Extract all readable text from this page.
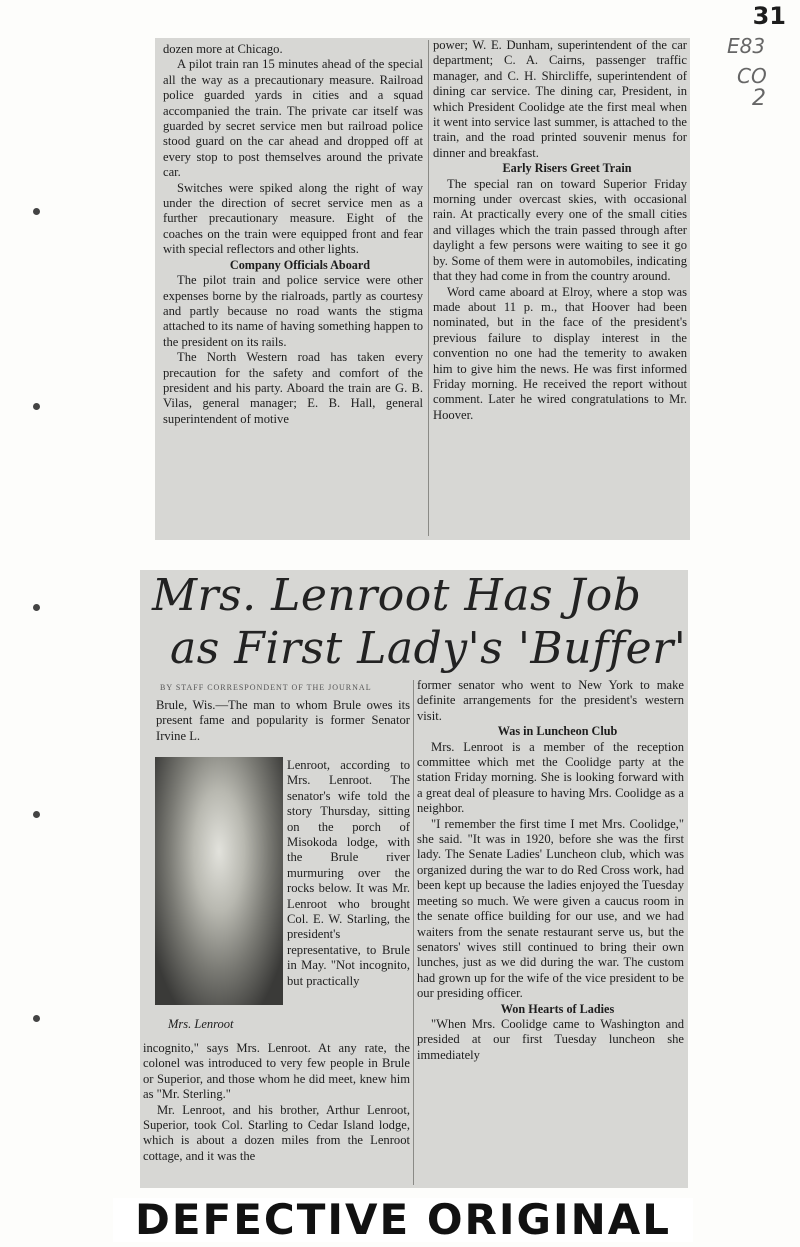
31
E83
CO
2

dozen more at Chicago.

A pilot train ran 15 minutes ahead of the special all the way as a precautionary measure. Railroad police guarded yards in cities and a squad accompanied the train. The private car itself was guarded by secret service men but railroad police stood guard on the car ahead and dropped off at every stop to post themselves around the private car.

Switches were spiked along the right of way under the direction of secret service men as a further precautionary measure. Eight of the coaches on the train were equipped front and fear with special reflectors and other lights.

Company Officials Aboard

The pilot train and police service were other expenses borne by the rialroads, partly as courtesy and partly because no road wants the stigma attached to its name of having something happen to the president on its rails.

The North Western road has taken every precaution for the safety and comfort of the president and his party. Aboard the train are G. B. Vilas, general manager; E. B. Hall, general superintendent of motive

power; W. E. Dunham, superintendent of the car department; C. A. Cairns, passenger traffic manager, and C. H. Shircliffe, superintendent of dining car service. The dining car, President, in which President Coolidge ate the first meal when it went into service last summer, is attached to the train, and the road printed souvenir menus for dinner and breakfast.

Early Risers Greet Train

The special ran on toward Superior Friday morning under overcast skies, with occasional rain. At practically every one of the small cities and villages which the train passed through after daylight a few persons were waiting to see it go by. Some of them were in automobiles, indicating that they had come in from the country around.

Word came aboard at Elroy, where a stop was made about 11 p. m., that Hoover had been nominated, but in the face of the president's previous failure to display interest in the convention no one had the temerity to awaken him to give him the news. He was first informed Friday morning. He received the report without comment. Later he wired congratulations to Mr. Hoover.

Mrs. Lenroot Has Job
as First Lady's 'Buffer'
BY STAFF CORRESPONDENT OF THE JOURNAL

Brule, Wis.—The man to whom Brule owes its present fame and popularity is former Senator Irvine L.

Mrs. Lenroot

Lenroot, according to Mrs. Lenroot. The senator's wife told the story Thursday, sitting on the porch of Misokoda lodge, with the Brule river murmuring over the rocks below. It was Mr. Lenroot who brought Col. E. W. Starling, the president's representative, to Brule in May. "Not incognito, but practically

incognito," says Mrs. Lenroot. At any rate, the colonel was introduced to very few people in Brule or Superior, and those whom he did meet, knew him as "Mr. Sterling."

Mr. Lenroot, and his brother, Arthur Lenroot, Superior, took Col. Starling to Cedar Island lodge, which is about a dozen miles from the Lenroot cottage, and it was the

former senator who went to New York to make definite arrangements for the president's western visit.

Was in Luncheon Club

Mrs. Lenroot is a member of the reception committee which met the Coolidge party at the station Friday morning. She is looking forward with a great deal of pleasure to having Mrs. Coolidge as a neighbor.

"I remember the first time I met Mrs. Coolidge," she said. "It was in 1920, before she was the first lady. The Senate Ladies' Luncheon club, which was organized during the war to do Red Cross work, had been kept up because the ladies enjoyed the Tuesday meeting so much. We were given a caucus room in the senate office building for our use, and we had waiters from the senate restaurant serve us, but the senators' wives still continued to bring their own lunches, just as we did during the war. The custom had grown up for the wife of the vice president to be our presiding officer.

Won Hearts of Ladies

"When Mrs. Coolidge came to Washington and presided at our first Tuesday luncheon she immediately

DEFECTIVE ORIGINAL
